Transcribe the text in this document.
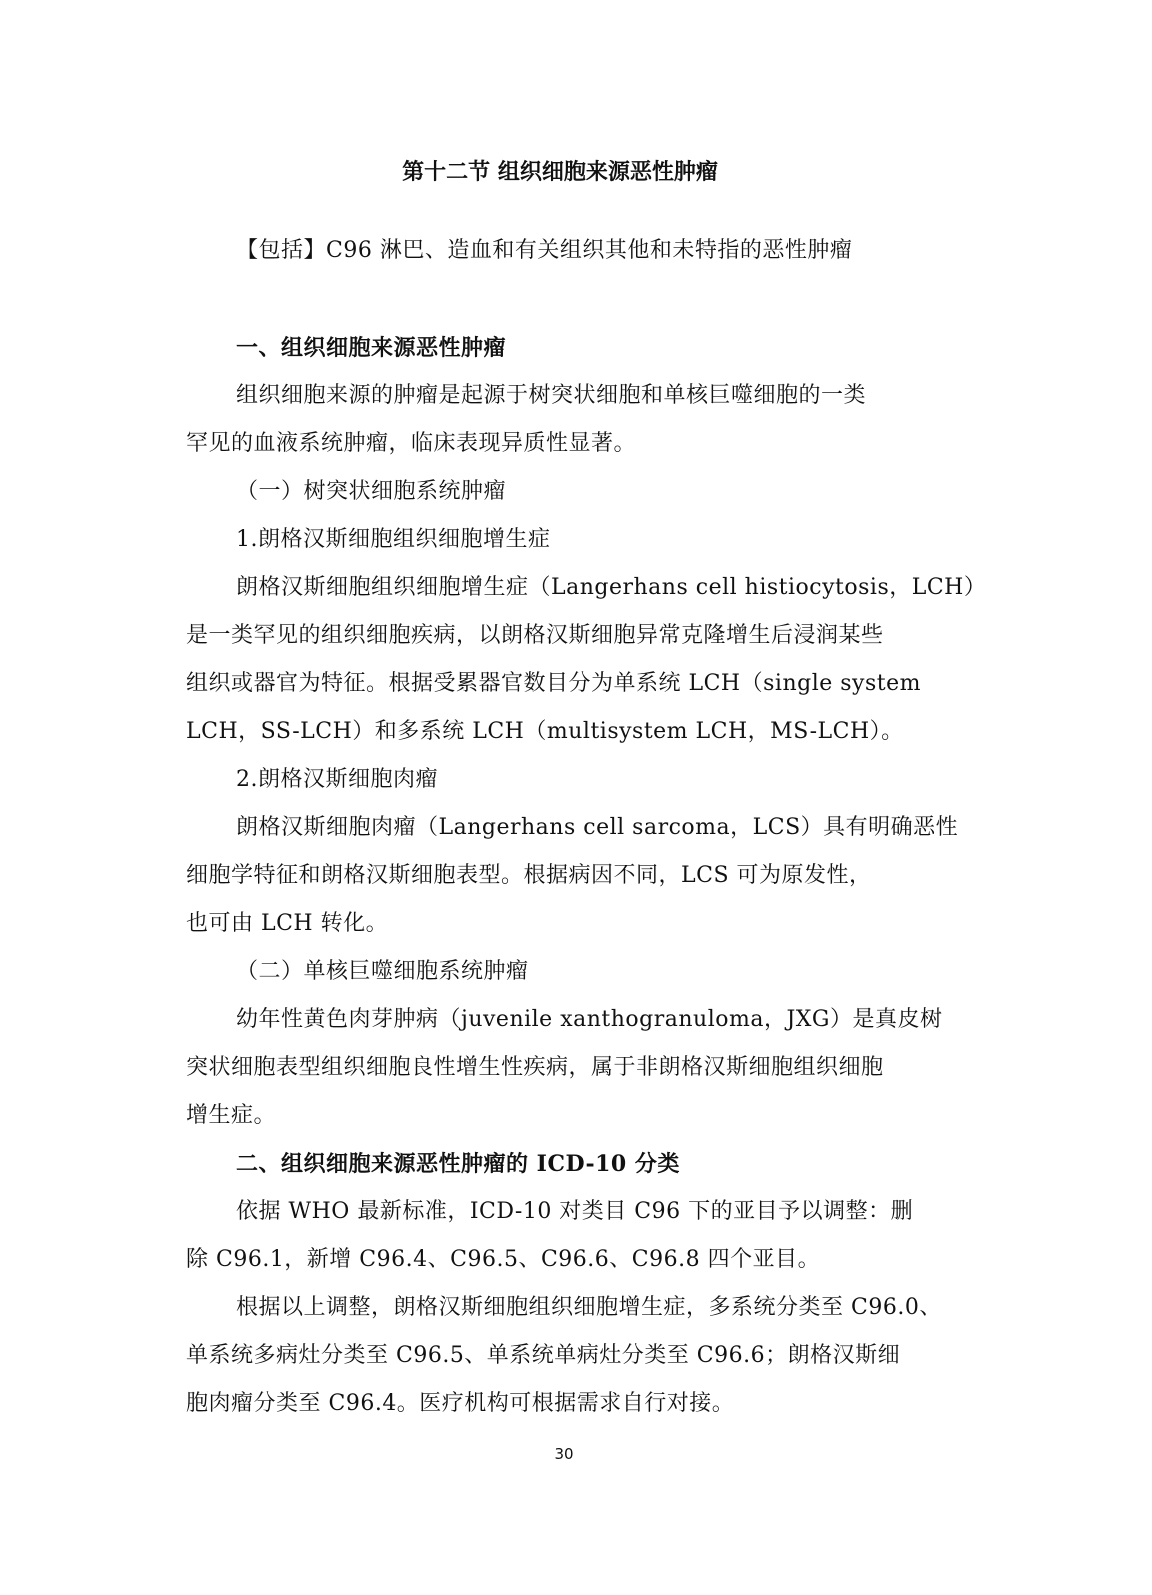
第十二节 组织细胞来源恶性肿瘤
【包括】C96 淋巴、造血和有关组织其他和未特指的恶性肿瘤
一、组织细胞来源恶性肿瘤
组织细胞来源的肿瘤是起源于树突状细胞和单核巨噬细胞的一类
罕见的血液系统肿瘤，临床表现异质性显著。
（一）树突状细胞系统肿瘤
1.朗格汉斯细胞组织细胞增生症
朗格汉斯细胞组织细胞增生症（Langerhans cell histiocytosis，LCH）
是一类罕见的组织细胞疾病，以朗格汉斯细胞异常克隆增生后浸润某些
组织或器官为特征。根据受累器官数目分为单系统 LCH（single system
LCH，SS-LCH）和多系统 LCH（multisystem LCH，MS-LCH）。
2.朗格汉斯细胞肉瘤
朗格汉斯细胞肉瘤（Langerhans cell sarcoma，LCS）具有明确恶性
细胞学特征和朗格汉斯细胞表型。根据病因不同，LCS 可为原发性，
也可由 LCH 转化。
（二）单核巨噬细胞系统肿瘤
幼年性黄色肉芽肿病（juvenile xanthogranuloma，JXG）是真皮树
突状细胞表型组织细胞良性增生性疾病，属于非朗格汉斯细胞组织细胞
增生症。
二、组织细胞来源恶性肿瘤的 ICD-10 分类
依据 WHO 最新标准，ICD-10 对类目 C96 下的亚目予以调整：删
除 C96.1，新增 C96.4、C96.5、C96.6、C96.8 四个亚目。
根据以上调整，朗格汉斯细胞组织细胞增生症，多系统分类至 C96.0、
单系统多病灶分类至 C96.5、单系统单病灶分类至 C96.6；朗格汉斯细
胞肉瘤分类至 C96.4。医疗机构可根据需求自行对接。
30
